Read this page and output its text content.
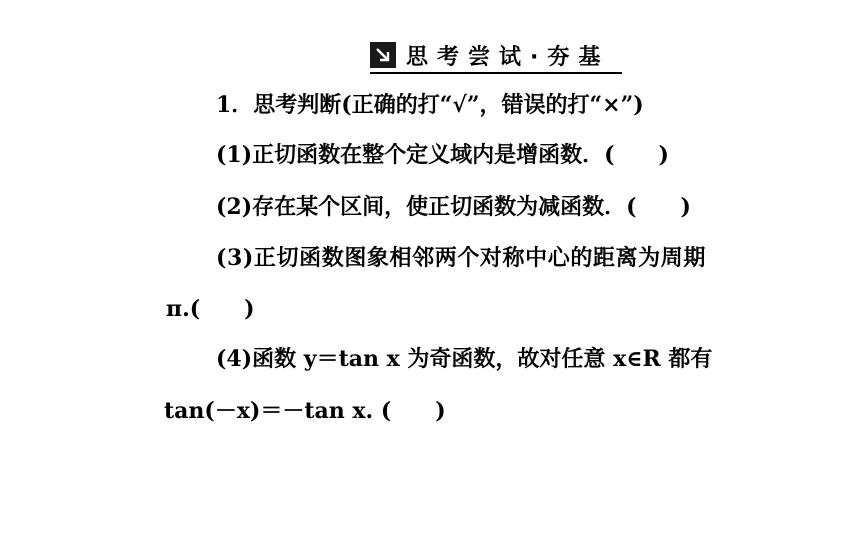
思考尝试·夯基
1．思考判断(正确的打“√”，错误的打“×”)
(1)正切函数在整个定义域内是增函数．(　　)
(2)存在某个区间，使正切函数为减函数．(　　)
(3)正切函数图象相邻两个对称中心的距离为周期
π.(　　)
(4)函数 y＝tan x 为奇函数，故对任意 x∈R 都有
tan(－x)＝－tan x. (　　)
